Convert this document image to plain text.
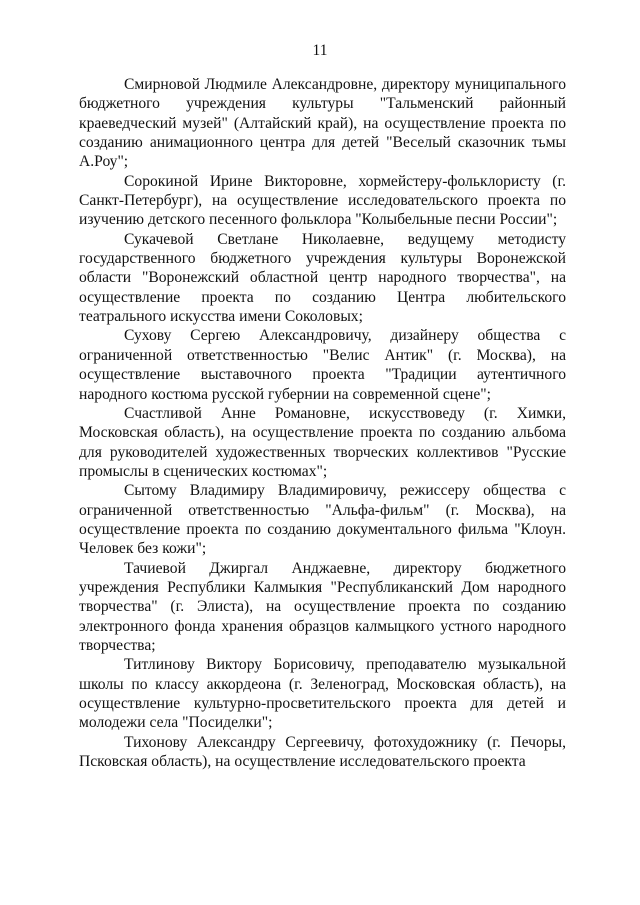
11

Смирновой Людмиле Александровне, директору муниципального бюджетного учреждения культуры "Тальменский районный краеведческий музей" (Алтайский край), на осуществление проекта по созданию анимационного центра для детей "Веселый сказочник тьмы А.Роу";

Сорокиной Ирине Викторовне, хормейстеру-фольклористу (г. Санкт-Петербург), на осуществление исследовательского проекта по изучению детского песенного фольклора "Колыбельные песни России";

Сукачевой Светлане Николаевне, ведущему методисту государственного бюджетного учреждения культуры Воронежской области "Воронежский областной центр народного творчества", на осуществление проекта по созданию Центра любительского театрального искусства имени Соколовых;

Сухову Сергею Александровичу, дизайнеру общества с ограниченной ответственностью "Велис Антик" (г. Москва), на осуществление выставочного проекта "Традиции аутентичного народного костюма русской губернии на современной сцене";

Счастливой Анне Романовне, искусствоведу (г. Химки, Московская область), на осуществление проекта по созданию альбома для руководителей художественных творческих коллективов "Русские промыслы в сценических костюмах";

Сытому Владимиру Владимировичу, режиссеру общества с ограниченной ответственностью "Альфа-фильм" (г. Москва), на осуществление проекта по созданию документального фильма "Клоун. Человек без кожи";

Тачиевой Джиргал Анджаевне, директору бюджетного учреждения Республики Калмыкия "Республиканский Дом народного творчества" (г. Элиста), на осуществление проекта по созданию электронного фонда хранения образцов калмыцкого устного народного творчества;

Титлинову Виктору Борисовичу, преподавателю музыкальной школы по классу аккордеона (г. Зеленоград, Московская область), на осуществление культурно-просветительского проекта для детей и молодежи села "Посиделки";

Тихонову Александру Сергеевичу, фотохудожнику (г. Печоры, Псковская область), на осуществление исследовательского проекта
